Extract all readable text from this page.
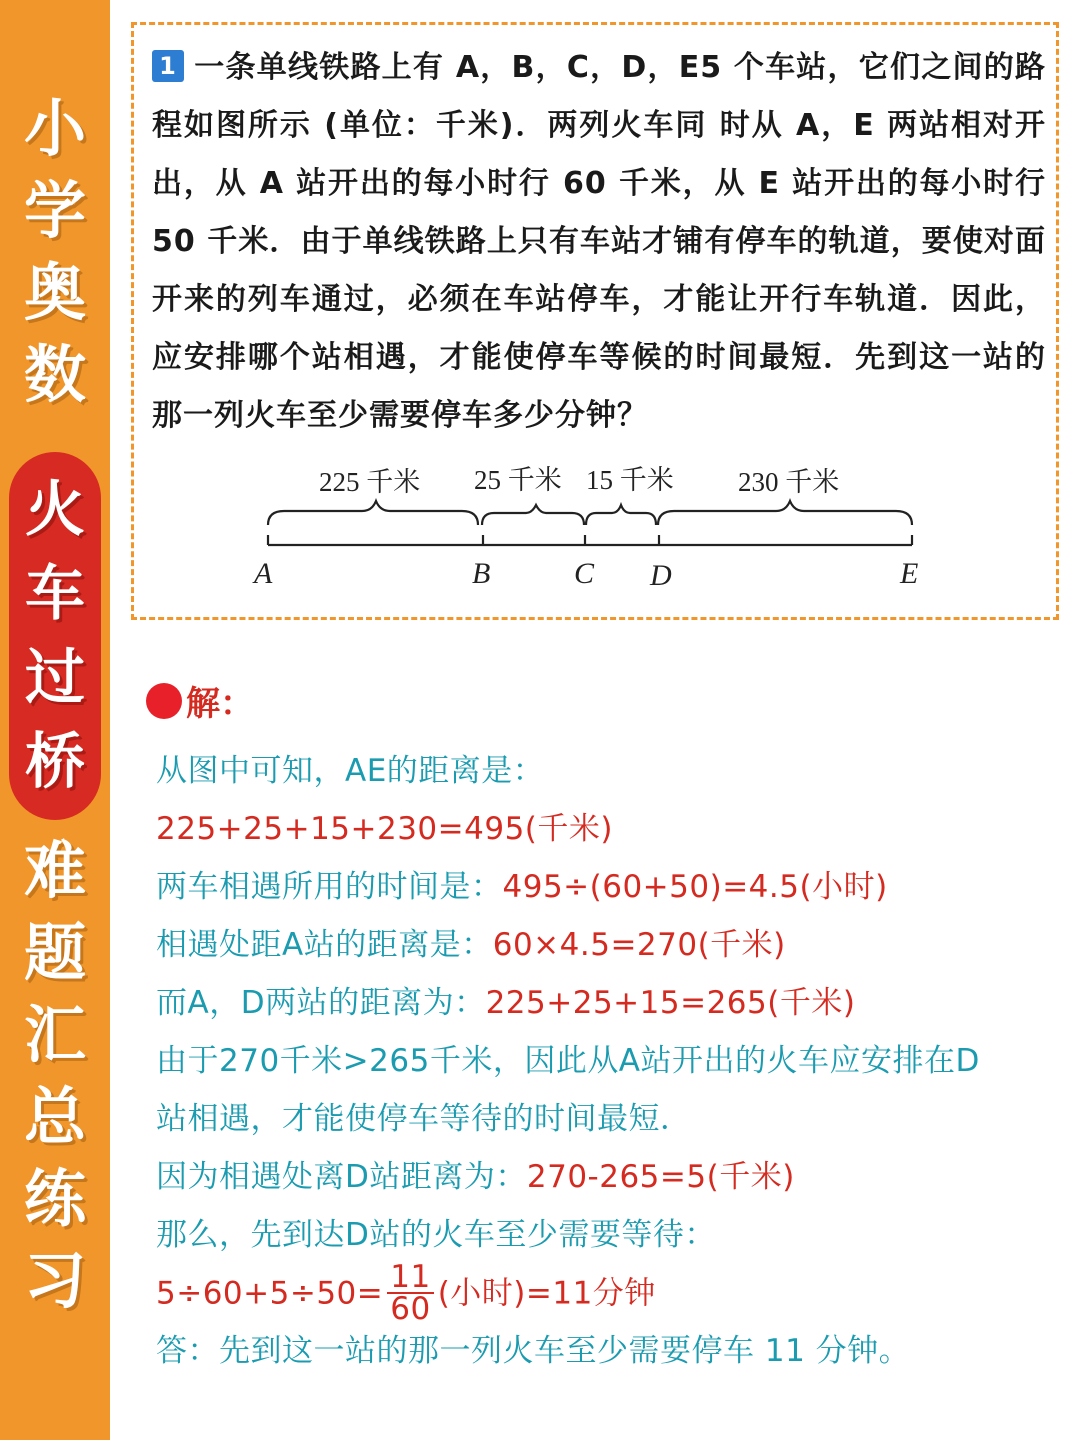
小
学
奥
数
火
车
过
桥
难
题
汇
总
练
习
1 一条单线铁路上有 A，B，C，D，E5 个车站，它们之间的路程如图所示 (单位：千米)．两列火车同 时从 A，E 两站相对开出，从 A 站开出的每小时行 60 千米，从 E 站开出的每小时行 50 千米．由于单线铁路上只有车站才铺有停车的轨道，要使对面开来的列车通过，必须在车站停车，才能让开行车轨道．因此，应安排哪个站相遇，才能使停车等候的时间最短．先到这一站的那一列火车至少需要停车多少分钟？
225 千米 25 千米 15 千米 230 千米
A	B	C D	E
解：
从图中可知，AE的距离是：
225+25+15+230=495(千米)
两车相遇所用的时间是：495÷(60+50)=4.5(小时)
相遇处距A站的距离是：60×4.5=270(千米)
而A，D两站的距离为：225+25+15=265(千米)
由于270千米>265千米，因此从A站开出的火车应安排在D
站相遇，才能使停车等待的时间最短．
因为相遇处离D站距离为：270-265=5(千米)
那么，先到达D站的火车至少需要等待：
$5\div 60+5\div 50= \frac{11}{60}$ (小时)=11分钟
答：先到这一站的那一列火车至少需要停车 11 分钟。
